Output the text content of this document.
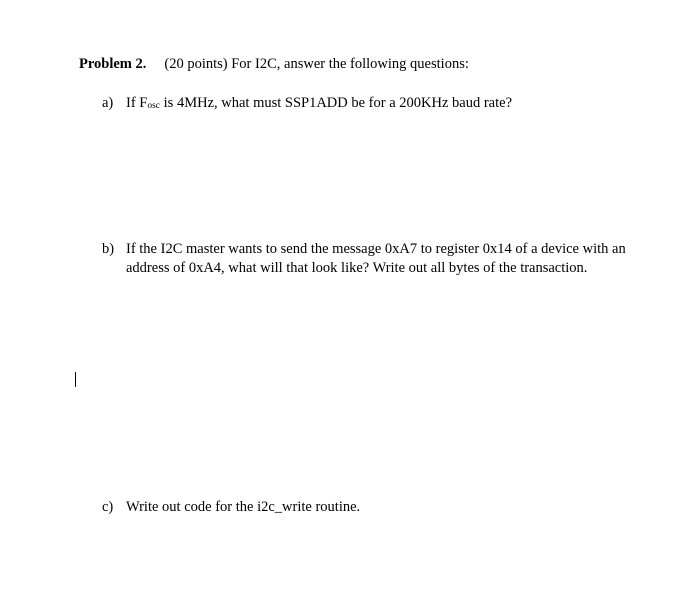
Problem 2. (20 points) For I2C, answer the following questions:
a) If Fosc is 4MHz, what must SSP1ADD be for a 200KHz baud rate?
b) If the I2C master wants to send the message 0xA7 to register 0x14 of a device with an address of 0xA4, what will that look like? Write out all bytes of the transaction.
c) Write out code for the i2c_write routine.
